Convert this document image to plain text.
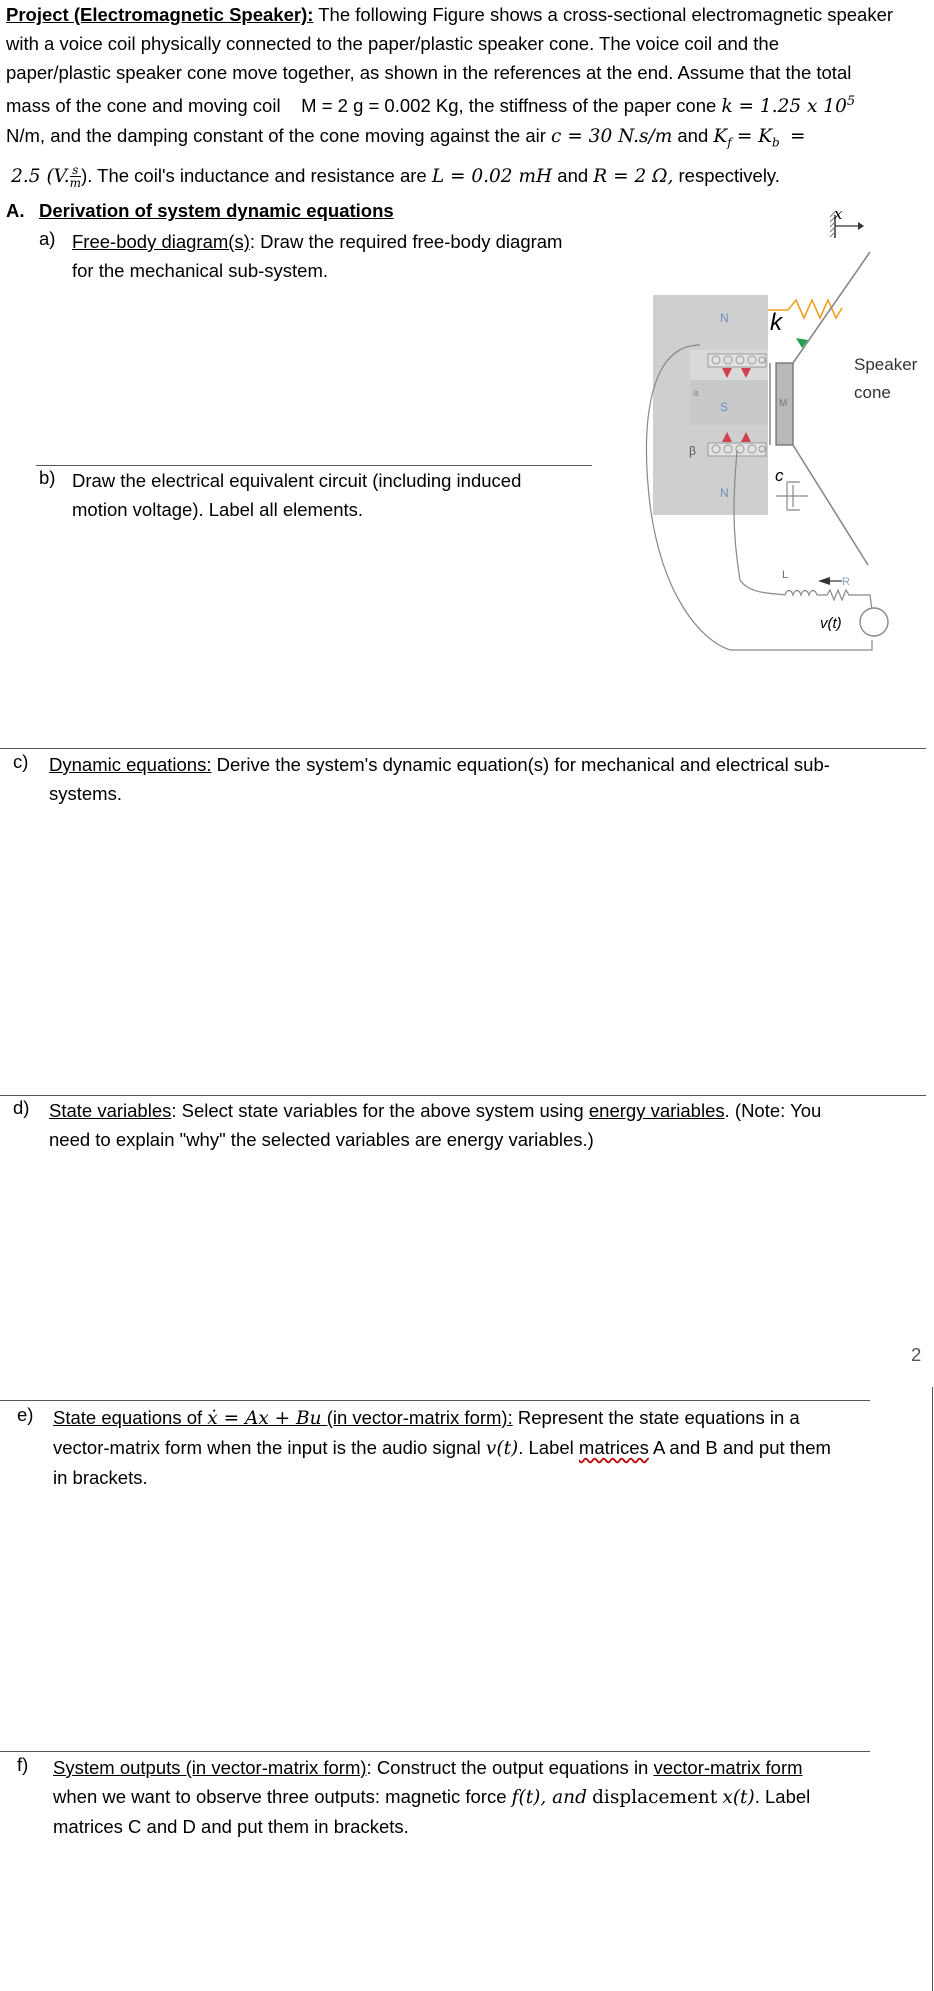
Project (Electromagnetic Speaker): The following Figure shows a cross-sectional electromagnetic speaker
with a voice coil physically connected to the paper/plastic speaker cone. The voice coil and the
paper/plastic speaker cone move together, as shown in the references at the end. Assume that the total
mass of the cone and moving coil M = 2 g = 0.002 Kg, the stiffness of the paper cone k = 1.25 x $10^5$
N/m, and the damping constant of the cone moving against the air c = 30 N.s/m and $K_f = K_b$ =
2.5 (V. $\frac{s}{m}$ ). The coil's inductance and resistance are L = 0.02 mH and R = 2 Ω, respectively.
A. Derivation of system dynamic equations
a) Free-body diagram(s): Draw the required free-body diagram
for the mechanical sub-system.
b) Draw the electrical equivalent circuit (including induced
motion voltage). Label all elements.
x
N
S
N
a
β
M
k
Speaker
cone
c
L
R
v(t)
c) Dynamic equations: Derive the system's dynamic equation(s) for mechanical and electrical sub-
systems.
d) State variables: Select state variables for the above system using energy variables. (Note: You
need to explain "why" the selected variables are energy variables.)
2
e) State equations of ẋ = Ax + Bu (in vector-matrix form): Represent the state equations in a
vector-matrix form when the input is the audio signal v(t). Label matrices A and B and put them
in brackets.
f) System outputs (in vector-matrix form): Construct the output equations in vector-matrix form
when we want to observe three outputs: magnetic force f(t), and displacement x(t). Label
matrices C and D and put them in brackets.
